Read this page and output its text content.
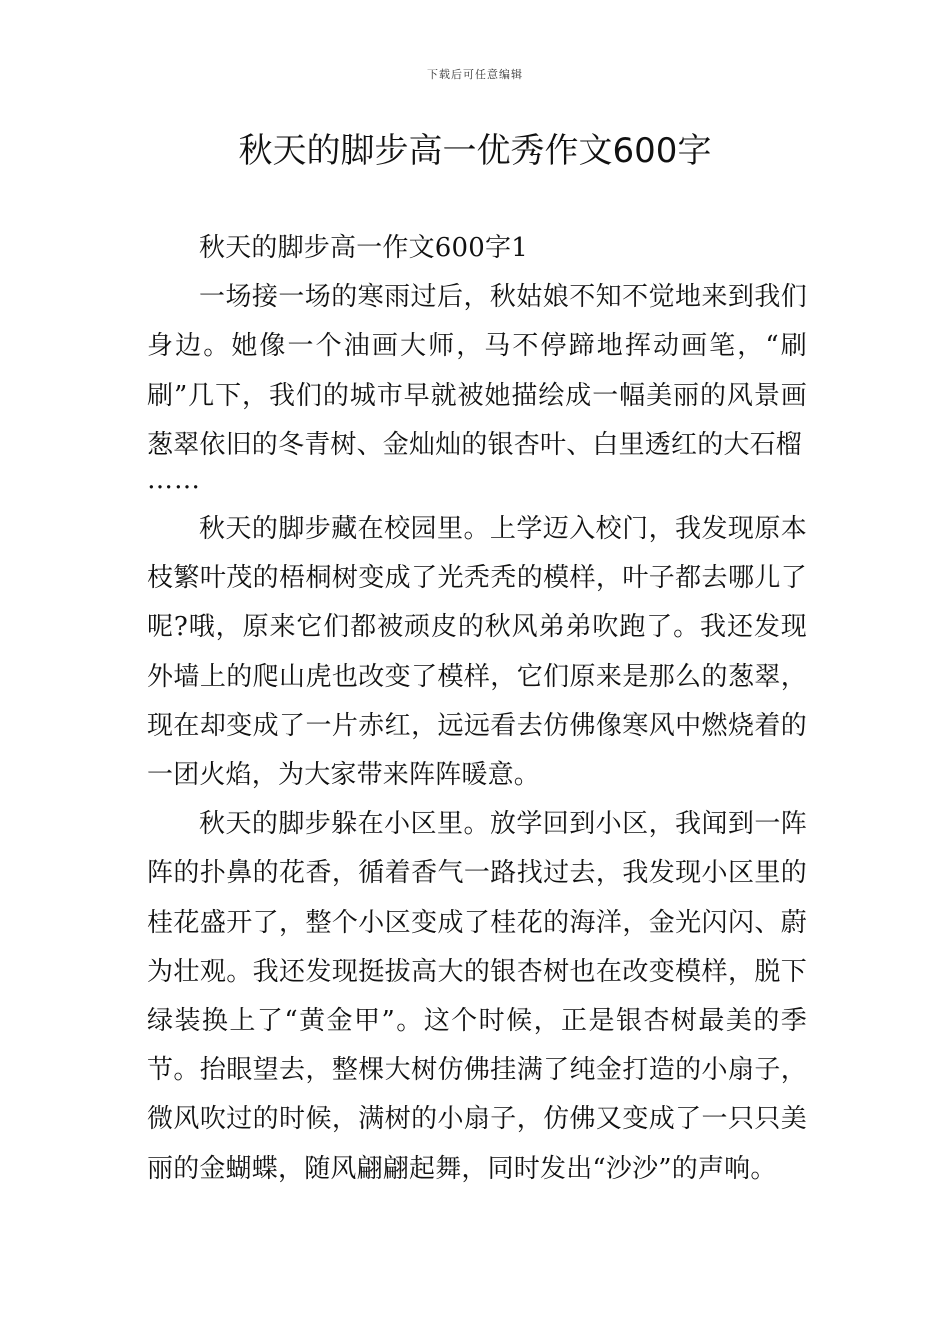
下载后可任意编辑
秋天的脚步高一优秀作文600字

秋天的脚步高一作文600字1

一场接一场的寒雨过后，秋姑娘不知不觉地来到我们身边。她像一个油画大师，马不停蹄地挥动画笔，“刷刷”几下，我们的城市早就被她描绘成一幅美丽的风景画葱翠依旧的冬青树、金灿灿的银杏叶、白里透红的大石榴

……

秋天的脚步藏在校园里。上学迈入校门，我发现原本枝繁叶茂的梧桐树变成了光秃秃的模样，叶子都去哪儿了呢?哦，原来它们都被顽皮的秋风弟弟吹跑了。我还发现外墙上的爬山虎也改变了模样，它们原来是那么的葱翠，现在却变成了一片赤红，远远看去仿佛像寒风中燃烧着的一团火焰，为大家带来阵阵暖意。

秋天的脚步躲在小区里。放学回到小区，我闻到一阵阵的扑鼻的花香，循着香气一路找过去，我发现小区里的桂花盛开了，整个小区变成了桂花的海洋，金光闪闪、蔚为壮观。我还发现挺拔高大的银杏树也在改变模样，脱下绿装换上了“黄金甲”。这个时候，正是银杏树最美的季节。抬眼望去，整棵大树仿佛挂满了纯金打造的小扇子，微风吹过的时候，满树的小扇子，仿佛又变成了一只只美丽的金蝴蝶，随风翩翩起舞，同时发出“沙沙”的声响。
